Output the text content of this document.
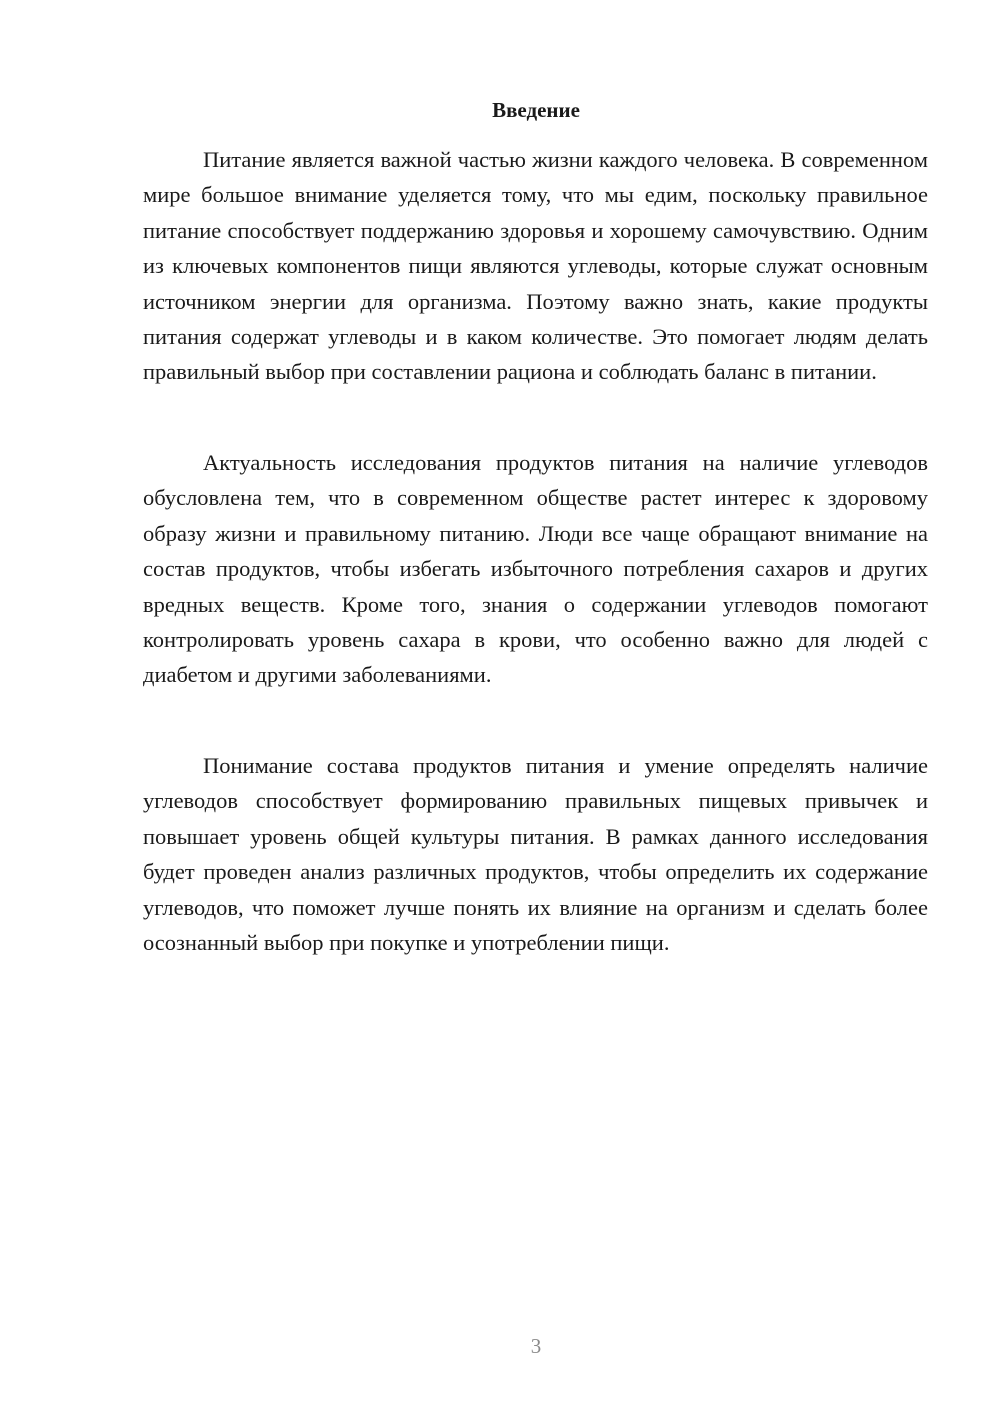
Введение

Питание является важной частью жизни каждого человека. В современном мире большое внимание уделяется тому, что мы едим, поскольку правильное питание способствует поддержанию здоровья и хорошему самочувствию. Одним из ключевых компонентов пищи являются углеводы, которые служат основным источником энергии для организма. Поэтому важно знать, какие продукты питания содержат углеводы и в каком количестве. Это помогает людям делать правильный выбор при составлении рациона и соблюдать баланс в питании.

Актуальность исследования продуктов питания на наличие углеводов обусловлена тем, что в современном обществе растет интерес к здоровому образу жизни и правильному питанию. Люди все чаще обращают внимание на состав продуктов, чтобы избегать избыточного потребления сахаров и других вредных веществ. Кроме того, знания о содержании углеводов помогают контролировать уровень сахара в крови, что особенно важно для людей с диабетом и другими заболеваниями.

Понимание состава продуктов питания и умение определять наличие углеводов способствует формированию правильных пищевых привычек и повышает уровень общей культуры питания. В рамках данного исследования будет проведен анализ различных продуктов, чтобы определить их содержание углеводов, что поможет лучше понять их влияние на организм и сделать более осознанный выбор при покупке и употреблении пищи.

3
